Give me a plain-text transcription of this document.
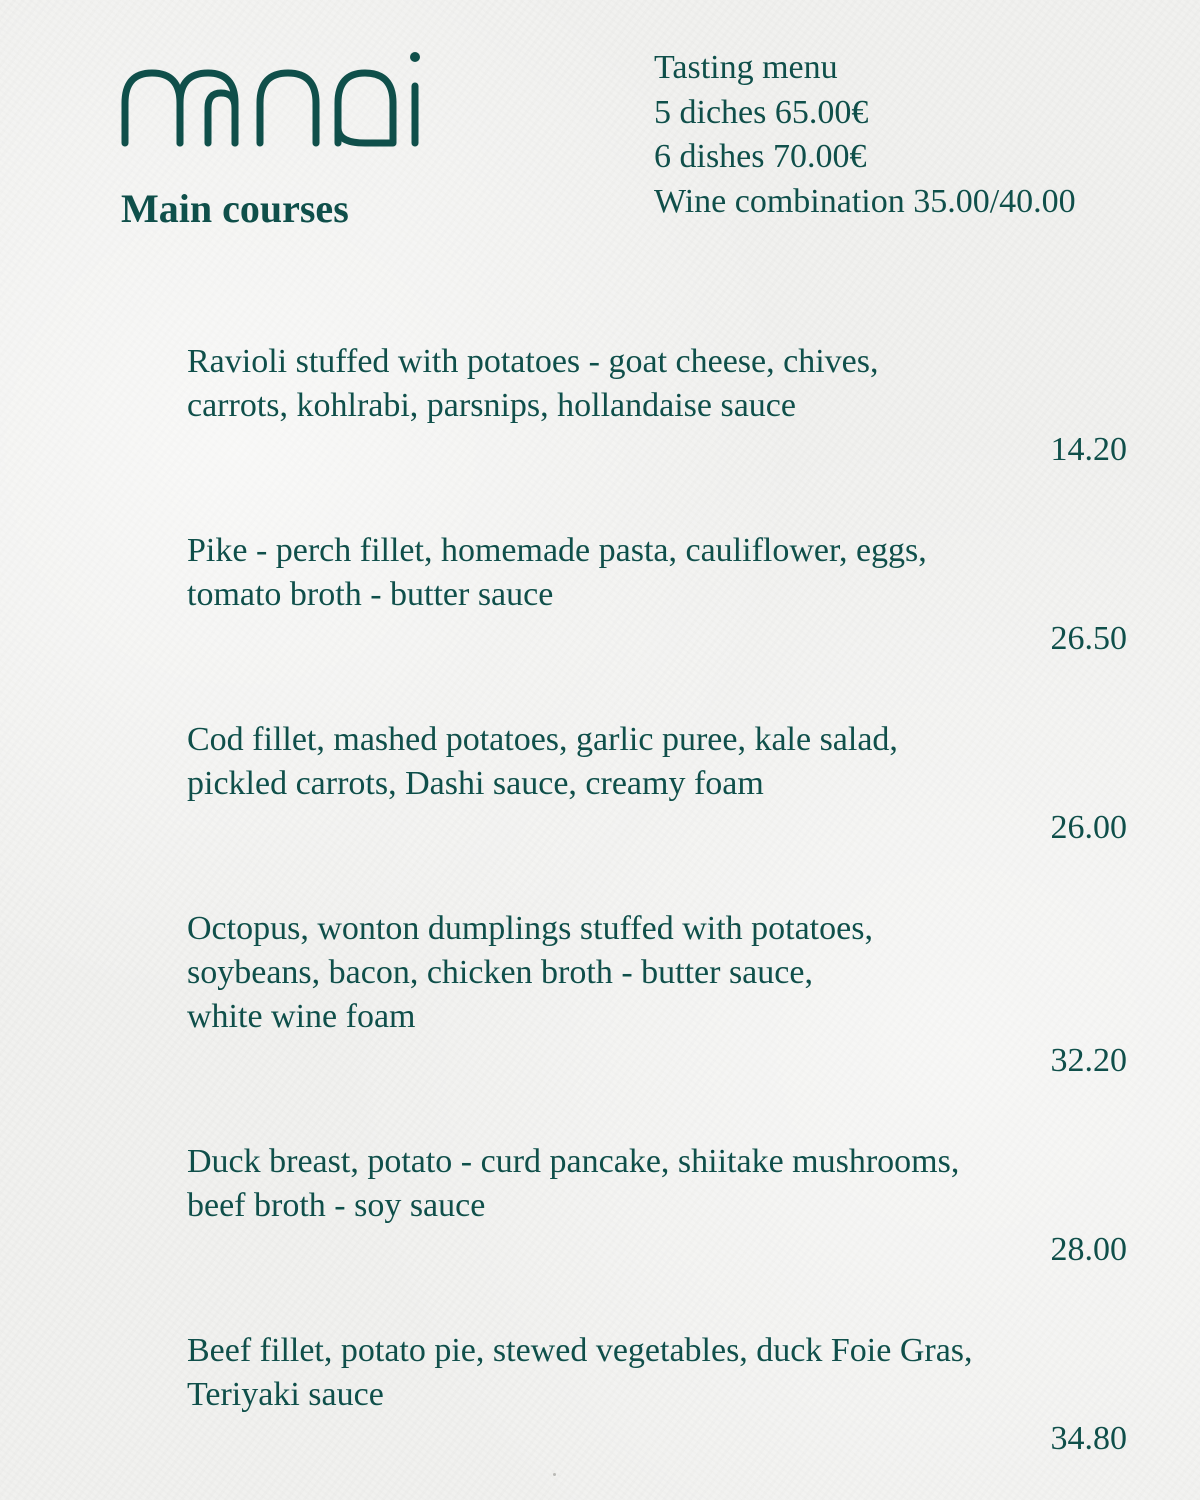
Main courses
Tasting menu
5 diches 65.00€
6 dishes 70.00€
Wine combination 35.00/40.00
Ravioli stuffed with potatoes - goat cheese, chives,
carrots, kohlrabi, parsnips, hollandaise sauce
14.20
Pike - perch fillet, homemade pasta, cauliflower, eggs,
tomato broth - butter sauce
26.50
Cod fillet, mashed potatoes, garlic puree, kale salad,
pickled carrots, Dashi sauce, creamy foam
26.00
Octopus, wonton dumplings stuffed with potatoes,
soybeans, bacon, chicken broth - butter sauce,
white wine foam
32.20
Duck breast, potato - curd pancake, shiitake mushrooms,
beef broth - soy sauce
28.00
Beef fillet, potato pie, stewed vegetables, duck Foie Gras,
Teriyaki sauce
34.80
